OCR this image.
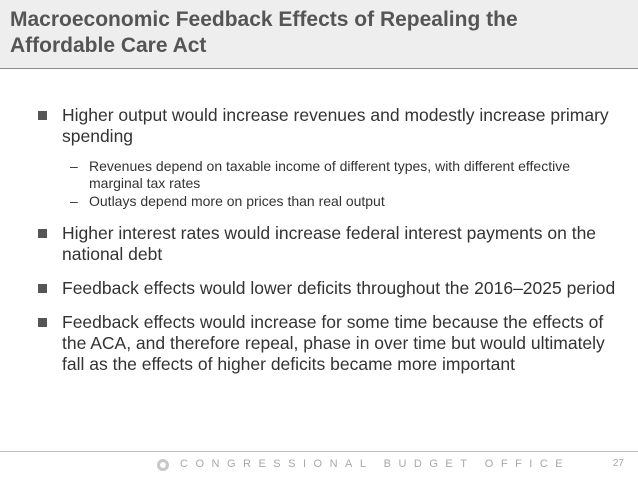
Macroeconomic Feedback Effects of Repealing the Affordable Care Act
Higher output would increase revenues and modestly increase primary spending
– Revenues depend on taxable income of different types, with different effective marginal tax rates
– Outlays depend more on prices than real output
Higher interest rates would increase federal interest payments on the national debt
Feedback effects would lower deficits throughout the 2016–2025 period
Feedback effects would increase for some time because the effects of the ACA, and therefore repeal, phase in over time but would ultimately fall as the effects of higher deficits became more important
CONGRESSIONAL BUDGET OFFICE	27
